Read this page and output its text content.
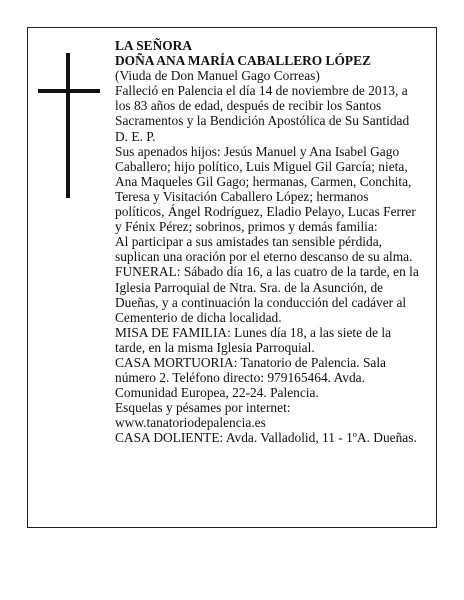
LA SEÑORA

DOÑA ANA MARÍA CABALLERO LÓPEZ

(Viuda de Don Manuel Gago Correas)

Falleció en Palencia el día 14 de noviembre de 2013, a los 83 años de edad, después de recibir los Santos Sacramentos y la Bendición Apostólica de Su Santidad D. E. P.

Sus apenados hijos: Jesús Manuel y Ana Isabel Gago Caballero; hijo político, Luis Miguel Gil García; nieta, Ana Maqueles Gil Gago; hermanas, Carmen, Conchita, Teresa y Visitación Caballero López; hermanos políticos, Ángel Rodríguez, Eladio Pelayo, Lucas Ferrer y Fénix Pérez; sobrinos, primos y demás familia:

Al participar a sus amistades tan sensible pérdida, suplican una oración por el eterno descanso de su alma.

FUNERAL: Sábado día 16, a las cuatro de la tarde, en la Iglesia Parroquial de Ntra. Sra. de la Asunción, de Dueñas, y a continuación la conducción del cadáver al Cementerio de dicha localidad.

MISA DE FAMILIA: Lunes día 18, a las siete de la tarde, en la misma Iglesia Parroquial.

CASA MORTUORIA: Tanatorio de Palencia. Sala número 2. Teléfono directo: 979165464. Avda. Comunidad Europea, 22-24. Palencia.

Esquelas y pésames por internet:

www.tanatoriodepalencia.es

CASA DOLIENTE: Avda. Valladolid, 11 - 1ºA. Dueñas.
